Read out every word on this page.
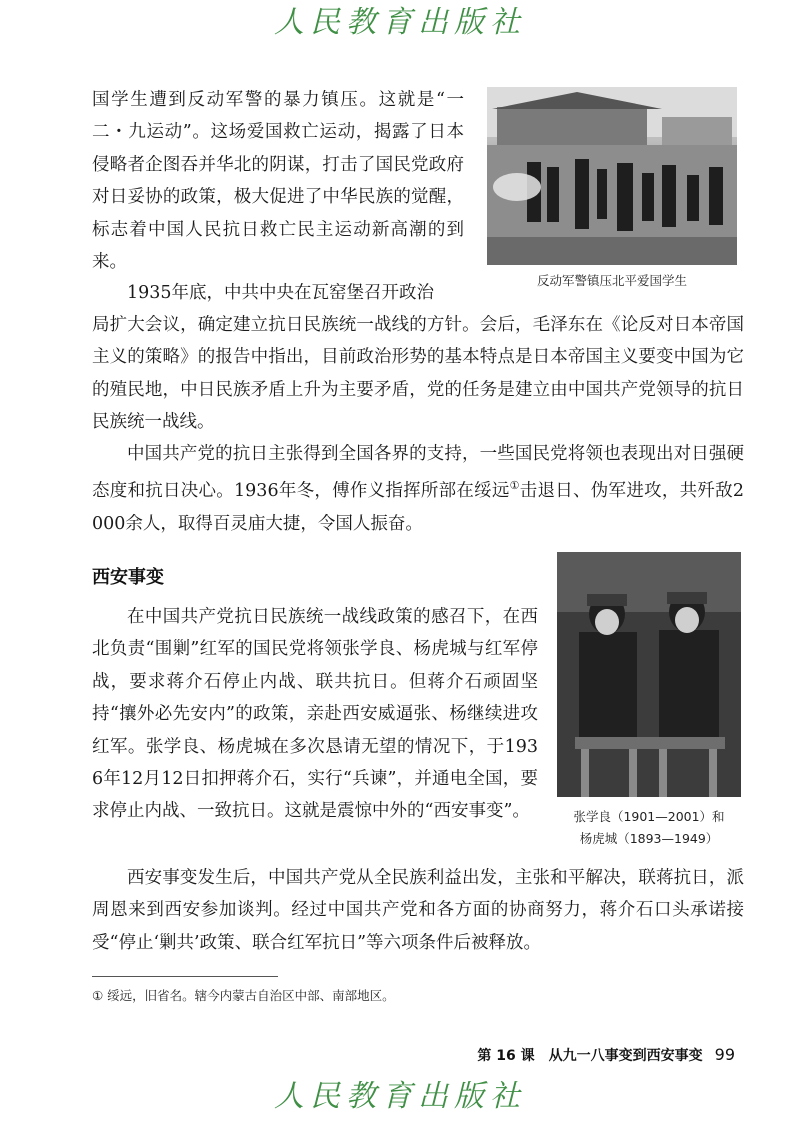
人民教育出版社

国学生遭到反动军警的暴力镇压。这就是“一二・九运动”。这场爱国救亡运动，揭露了日本侵略者企图吞并华北的阴谋，打击了国民党政府对日妥协的政策，极大促进了中华民族的觉醒，标志着中国人民抗日救亡民主运动新高潮的到来。

反动军警镇压北平爱国学生

1935年底，中共中央在瓦窑堡召开政治

局扩大会议，确定建立抗日民族统一战线的方针。会后，毛泽东在《论反对日本帝国主义的策略》的报告中指出，目前政治形势的基本特点是日本帝国主义要变中国为它的殖民地，中日民族矛盾上升为主要矛盾，党的任务是建立由中国共产党领导的抗日民族统一战线。

中国共产党的抗日主张得到全国各界的支持，一些国民党将领也表现出对日强硬态度和抗日决心。1936年冬，傅作义指挥所部在绥远①击退日、伪军进攻，共歼敌2000余人，取得百灵庙大捷，令国人振奋。

西安事变
张学良（1901—2001）和
杨虎城（1893—1949）

在中国共产党抗日民族统一战线政策的感召下，在西北负责“围剿”红军的国民党将领张学良、杨虎城与红军停战，要求蒋介石停止内战、联共抗日。但蒋介石顽固坚持“攘外必先安内”的政策，亲赴西安威逼张、杨继续进攻红军。张学良、杨虎城在多次恳请无望的情况下，于1936年12月12日扣押蒋介石，实行“兵谏”，并通电全国，要求停止内战、一致抗日。这就是震惊中外的“西安事变”。

西安事变发生后，中国共产党从全民族利益出发，主张和平解决，联蒋抗日，派周恩来到西安参加谈判。经过中国共产党和各方面的协商努力，蒋介石口头承诺接受“停止‘剿共’政策、联合红军抗日”等六项条件后被释放。

① 绥远，旧省名。辖今内蒙古自治区中部、南部地区。
第 16 课　从九一八事变到西安事变 99
人民教育出版社
